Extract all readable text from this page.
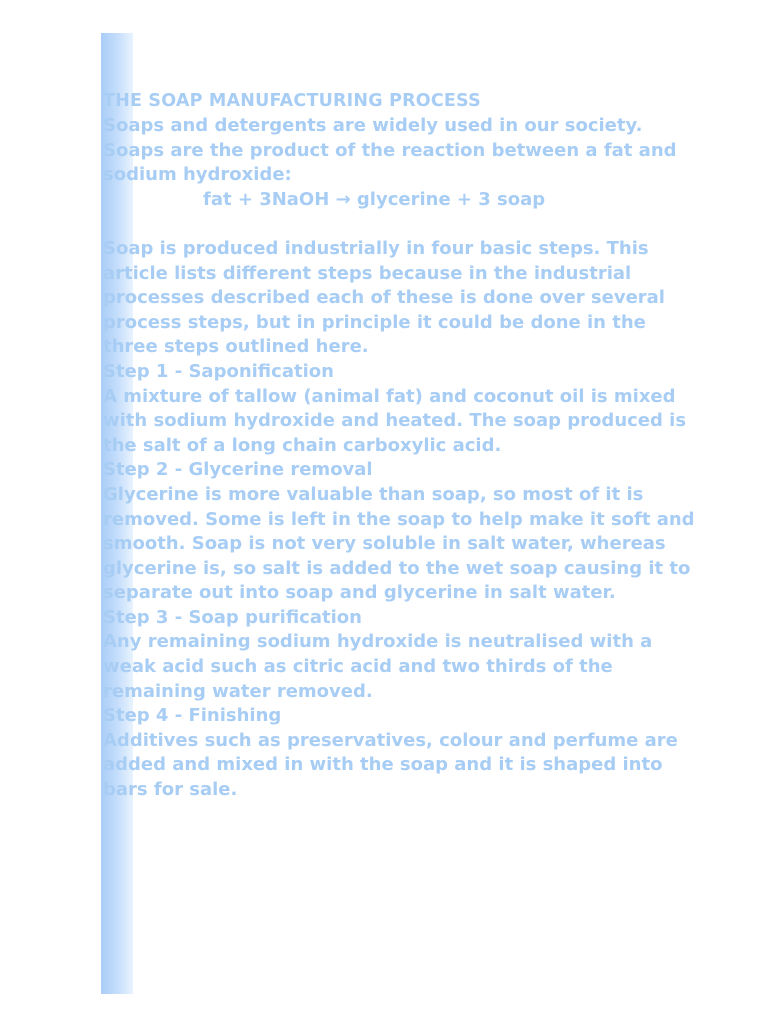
THE SOAP MANUFACTURING PROCESS

Soaps and detergents are widely used in our society.

Soaps are the product of the reaction between a fat and

sodium hydroxide:

fat + 3NaOH → glycerine + 3 soap

Soap is produced industrially in four basic steps. This

article lists different steps because in the industrial

processes described each of these is done over several

process steps, but in principle it could be done in the

three steps outlined here.

Step 1 - Saponification

A mixture of tallow (animal fat) and coconut oil is mixed

with sodium hydroxide and heated. The soap produced is

the salt of a long chain carboxylic acid.

Step 2 - Glycerine removal

Glycerine is more valuable than soap, so most of it is

removed. Some is left in the soap to help make it soft and

smooth. Soap is not very soluble in salt water, whereas

glycerine is, so salt is added to the wet soap causing it to

separate out into soap and glycerine in salt water.

Step 3 - Soap purification

Any remaining sodium hydroxide is neutralised with a

weak acid such as citric acid and two thirds of the

remaining water removed.

Step 4 - Finishing

Additives such as preservatives, colour and perfume are

added and mixed in with the soap and it is shaped into

bars for sale.
